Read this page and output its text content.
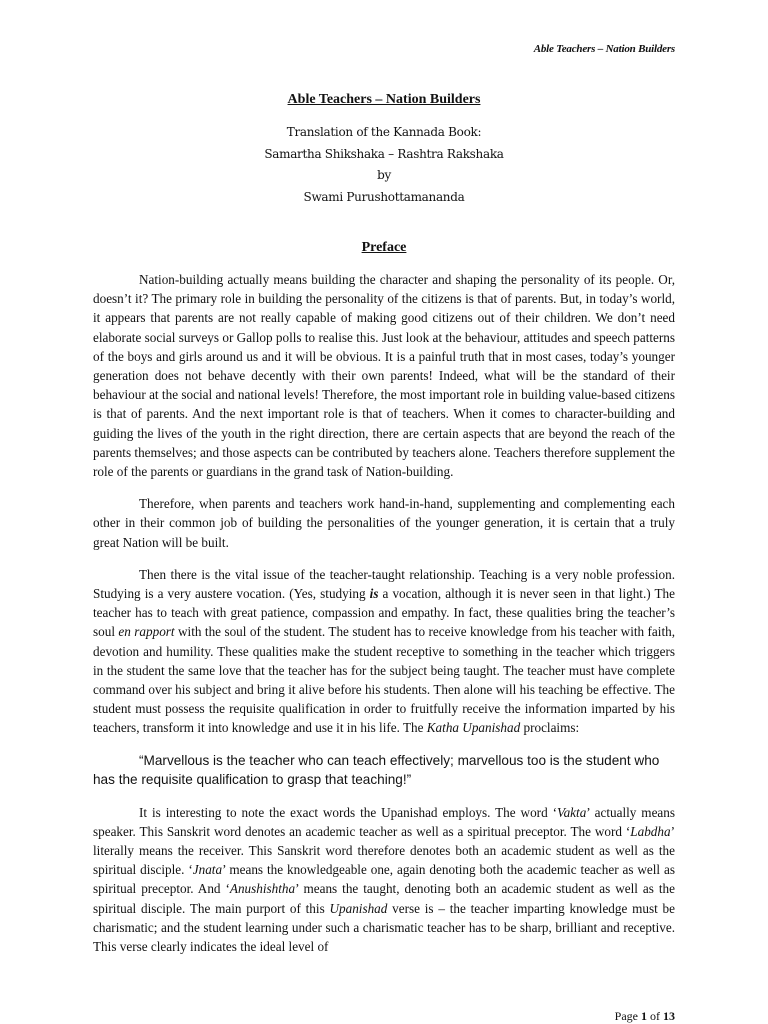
Able Teachers – Nation Builders
Able Teachers – Nation Builders

Translation of the Kannada Book:

Samartha Shikshaka – Rashtra Rakshaka

by

Swami Purushottamananda

Preface

Nation-building actually means building the character and shaping the personality of its people. Or, doesn’t it? The primary role in building the personality of the citizens is that of parents. But, in today’s world, it appears that parents are not really capable of making good citizens out of their children. We don’t need elaborate social surveys or Gallop polls to realise this. Just look at the behaviour, attitudes and speech patterns of the boys and girls around us and it will be obvious. It is a painful truth that in most cases, today’s younger generation does not behave decently with their own parents! Indeed, what will be the standard of their behaviour at the social and national levels! Therefore, the most important role in building value-based citizens is that of parents. And the next important role is that of teachers. When it comes to character-building and guiding the lives of the youth in the right direction, there are certain aspects that are beyond the reach of the parents themselves; and those aspects can be contributed by teachers alone. Teachers therefore supplement the role of the parents or guardians in the grand task of Nation-building.

Therefore, when parents and teachers work hand-in-hand, supplementing and complementing each other in their common job of building the personalities of the younger generation, it is certain that a truly great Nation will be built.

Then there is the vital issue of the teacher-taught relationship. Teaching is a very noble profession. Studying is a very austere vocation. (Yes, studying is a vocation, although it is never seen in that light.) The teacher has to teach with great patience, compassion and empathy. In fact, these qualities bring the teacher’s soul en rapport with the soul of the student. The student has to receive knowledge from his teacher with faith, devotion and humility. These qualities make the student receptive to something in the teacher which triggers in the student the same love that the teacher has for the subject being taught. The teacher must have complete command over his subject and bring it alive before his students. Then alone will his teaching be effective. The student must possess the requisite qualification in order to fruitfully receive the information imparted by his teachers, transform it into knowledge and use it in his life. The Katha Upanishad proclaims:

“Marvellous is the teacher who can teach effectively; marvellous too is the student who has the requisite qualification to grasp that teaching!”

It is interesting to note the exact words the Upanishad employs. The word ‘Vakta’ actually means speaker. This Sanskrit word denotes an academic teacher as well as a spiritual preceptor. The word ‘Labdha’ literally means the receiver. This Sanskrit word therefore denotes both an academic student as well as the spiritual disciple. ‘Jnata’ means the knowledgeable one, again denoting both the academic teacher as well as spiritual preceptor. And ‘Anushishtha’ means the taught, denoting both an academic student as well as the spiritual disciple. The main purport of this Upanishad verse is – the teacher imparting knowledge must be charismatic; and the student learning under such a charismatic teacher has to be sharp, brilliant and receptive. This verse clearly indicates the ideal level of

Page 1 of 13
